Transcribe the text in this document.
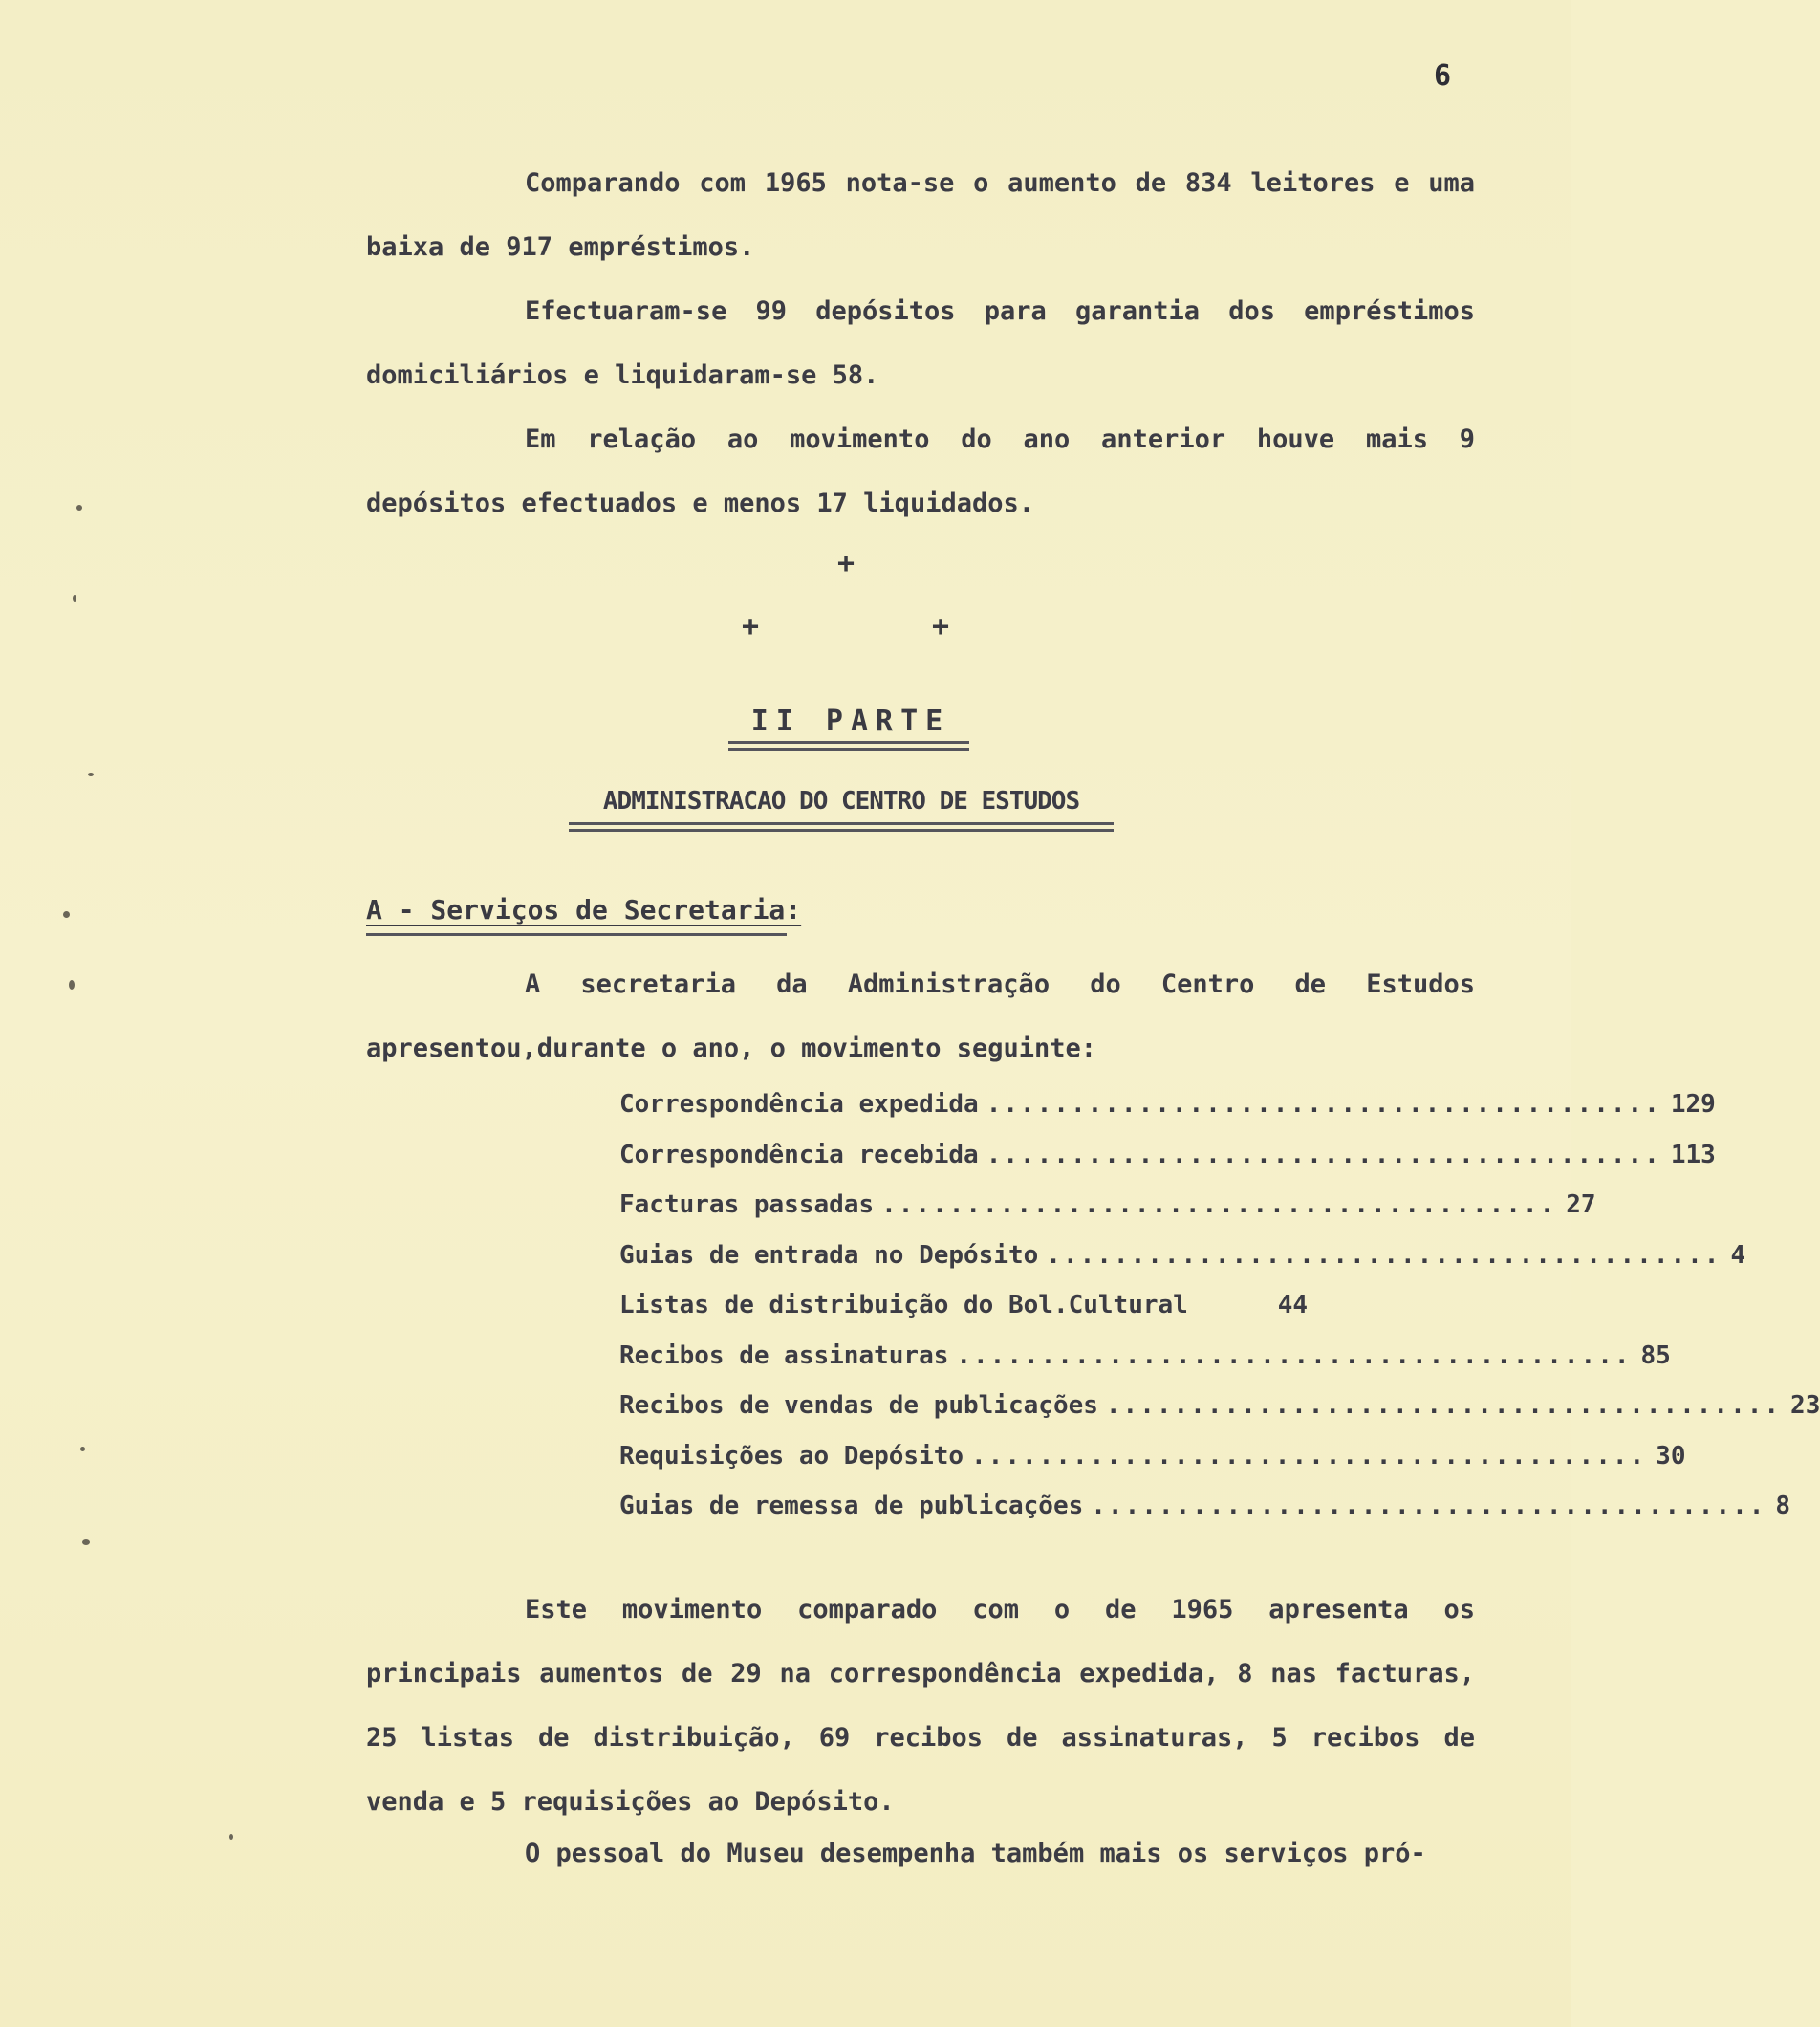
6

Comparando com 1965 nota-se o aumento de 834 leitores e uma baixa de 917 empréstimos.

Efectuaram-se 99 depósitos para garantia dos empréstimos domiciliários e liquidaram-se 58.

Em relação ao movimento do ano anterior houve mais 9 depósitos efectuados e menos 17 liquidados.

+
+	+
II PARTE
ADMINISTRACAO DO CENTRO DE ESTUDOS
A - Serviços de Secretaria:

A secretaria da Administração do Centro de Estudos apresentou,durante o ano, o movimento seguinte:

Correspondência expedida ........................................ 129
Correspondência recebida ........................................ 113
Facturas passadas ........................................ 27
Guias de entrada no Depósito ........................................ 4
Listas de distribuição do Bol.Cultural	44
Recibos de assinaturas ........................................ 85
Recibos de vendas de publicações ........................................ 23
Requisições ao Depósito ........................................ 30
Guias de remessa de publicações ........................................ 8

Este movimento comparado com o de 1965 apresenta os principais aumentos de 29 na correspondência expedida, 8 nas facturas, 25 listas de distribuição, 69 recibos de assinaturas, 5 recibos de venda e 5 requisições ao Depósito.

O pessoal do Museu desempenha também mais os serviços pró-
